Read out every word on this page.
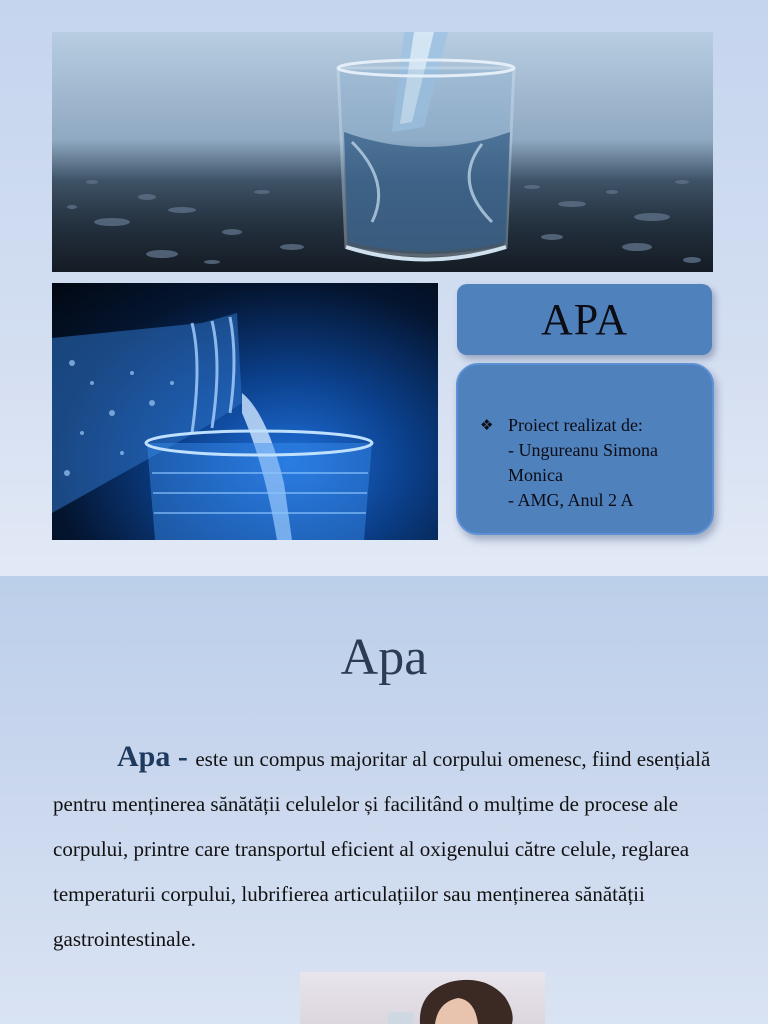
APA
❖ Proiect realizat de:
- Ungureanu Simona
Monica
- AMG, Anul 2 A
Apa

Apa - este un compus majoritar al corpului omenesc, fiind esențială pentru menținerea sănătății celulelor și facilitând o mulțime de procese ale corpului, printre care transportul eficient al oxigenului către celule, reglarea temperaturii corpului, lubrifierea articulațiilor sau menținerea sănătății gastrointestinale.
